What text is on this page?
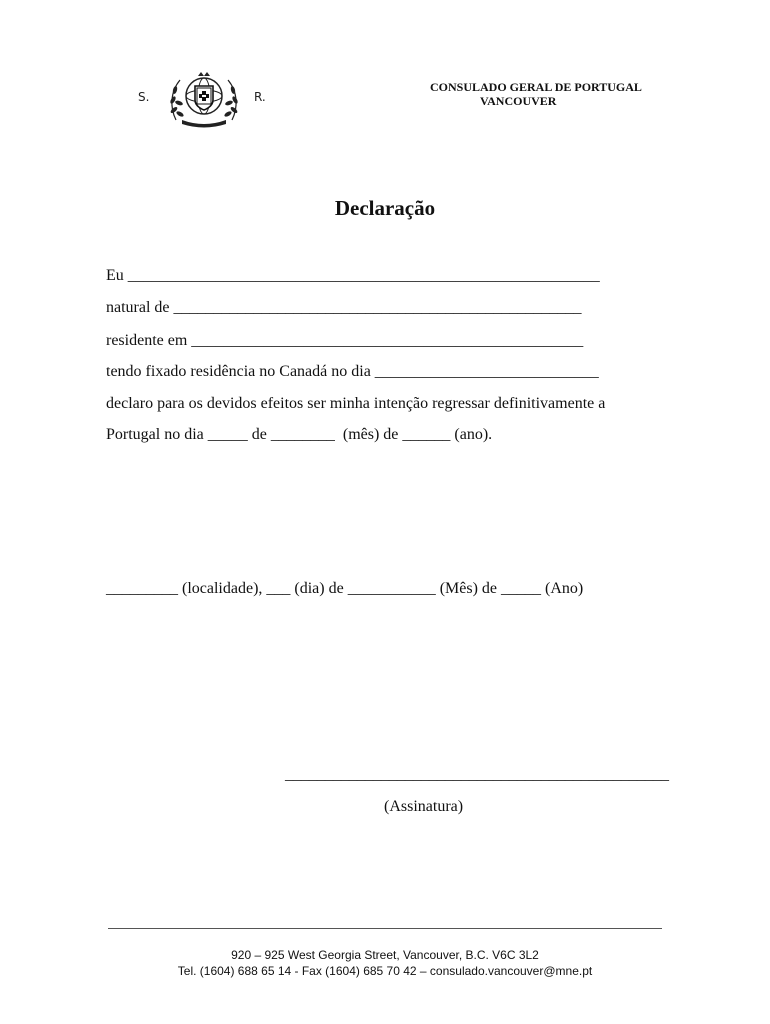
S.	R.
CONSULADO GERAL DE PORTUGAL
VANCOUVER
Declaração
Eu ___________________________________________________________
natural de ___________________________________________________
residente em _________________________________________________
tendo fixado residência no Canadá no dia ____________________________
declaro para os devidos efeitos ser minha intenção regressar definitivamente a
Portugal no dia _____ de ________  (mês) de ______ (ano).
_________ (localidade), ___ (dia) de ___________ (Mês) de _____ (Ano)
________________________________________________
(Assinatura)
920 – 925 West Georgia Street, Vancouver, B.C. V6C 3L2
Tel. (1604) 688 65 14 - Fax (1604) 685 70 42 – consulado.vancouver@mne.pt
